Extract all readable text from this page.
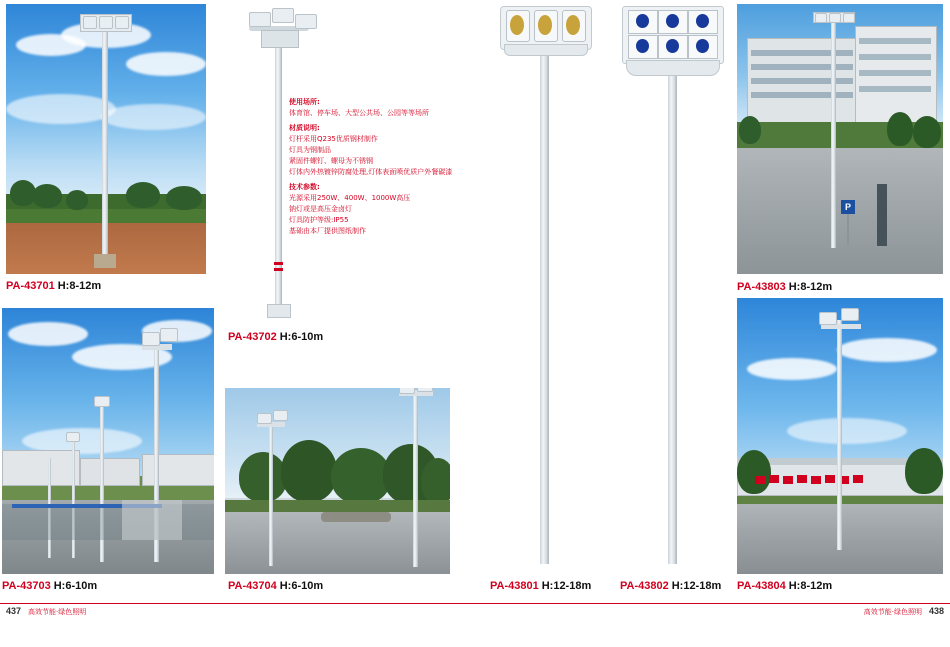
PA-43701 H:8-12m
PA-43702 H:6-10m
使用场所:
体育馆、停车场、大型公共场、公园等等场所
材质说明:
灯杆采用Q235优质钢材制作
灯具为钢制品
紧固件螺钉、螺母为不锈钢
灯体内外热镀锌防腐处理,灯体表面喷优质户外餐碳漆
技术参数:
光源采用250W、400W、1000W高压
钠灯或是高压金卤灯
灯具防护等级:IP55
基础由本厂提供图纸制作
PA-43801 H:12-18m	PA-43802 H:12-18m
P
PA-43803 H:8-12m
PA-43703 H:6-10m	PA-43704 H:6-10m	PA-43804 H:8-12m
437 高效节能·绿色照明	438
高效节能·绿色照明
